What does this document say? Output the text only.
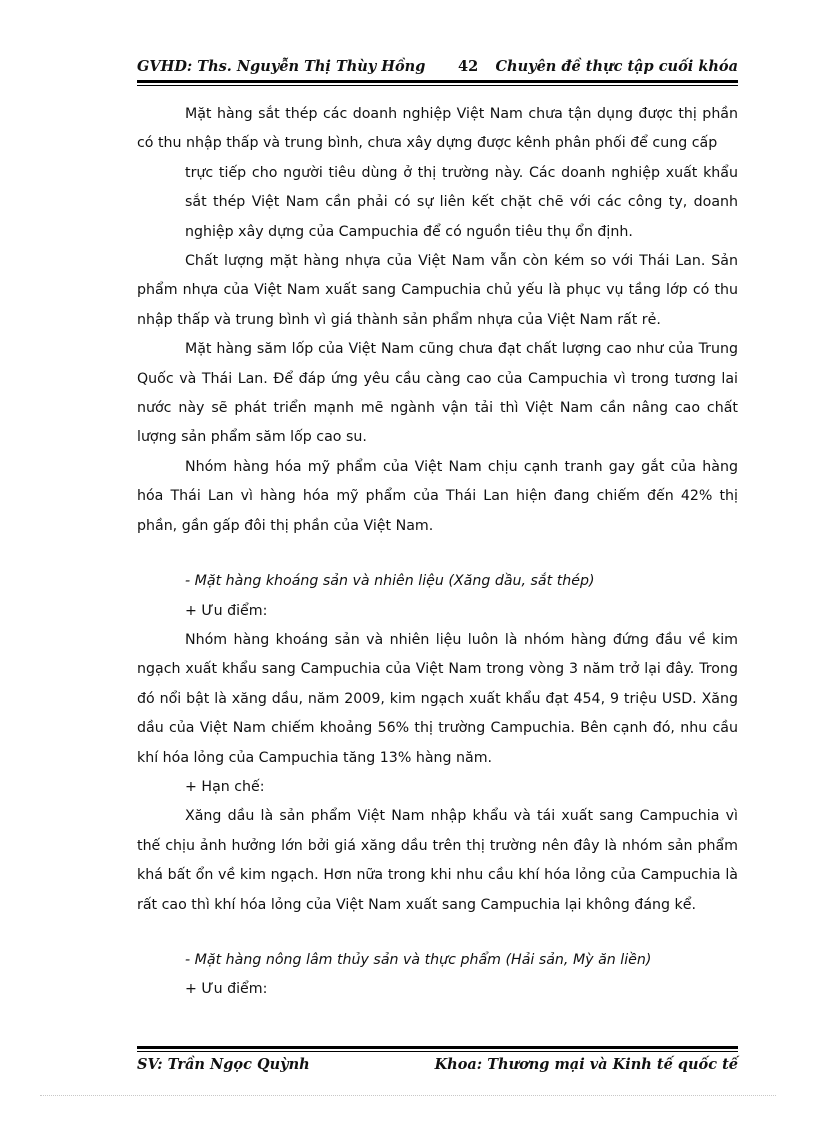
GVHD: Ths. Nguyễn Thị Thùy Hồng 42 Chuyên đề thực tập cuối khóa

Mặt hàng sắt thép các doanh nghiệp Việt Nam chưa tận dụng được thị phần có thu nhập thấp và trung bình, chưa xây dựng được kênh phân phối để cung cấp

trực tiếp cho người tiêu dùng ở thị trường này. Các doanh nghiệp xuất khẩu sắt thép Việt Nam cần phải có sự liên kết chặt chẽ với các công ty, doanh nghiệp xây dựng của Campuchia để có nguồn tiêu thụ ổn định.

Chất lượng mặt hàng nhựa của Việt Nam vẫn còn kém so với Thái Lan. Sản phẩm nhựa của Việt Nam xuất sang Campuchia chủ yếu là phục vụ tầng lớp có thu nhập thấp và trung bình vì giá thành sản phẩm nhựa của Việt Nam rất rẻ.

Mặt hàng săm lốp của Việt Nam cũng chưa đạt chất lượng cao như của Trung Quốc và Thái Lan. Để đáp ứng yêu cầu càng cao của Campuchia vì trong tương lai nước này sẽ phát triển mạnh mẽ ngành vận tải thì Việt Nam cần nâng cao chất lượng sản phẩm săm lốp cao su.

Nhóm hàng hóa mỹ phẩm của Việt Nam chịu cạnh tranh gay gắt của hàng hóa Thái Lan vì hàng hóa mỹ phẩm của Thái Lan hiện đang chiếm đến 42% thị phần, gần gấp đôi thị phần của Việt Nam.

- Mặt hàng khoáng sản và nhiên liệu (Xăng dầu, sắt thép)

+ Ưu điểm:

Nhóm hàng khoáng sản và nhiên liệu luôn là nhóm hàng đứng đầu về kim ngạch xuất khẩu sang Campuchia của Việt Nam trong vòng 3 năm trở lại đây. Trong đó nổi bật là xăng dầu, năm 2009, kim ngạch xuất khẩu đạt 454, 9 triệu USD. Xăng dầu của Việt Nam chiếm khoảng 56% thị trường Campuchia. Bên cạnh đó, nhu cầu khí hóa lỏng của Campuchia tăng 13% hàng năm.

+ Hạn chế:

Xăng dầu là sản phẩm Việt Nam nhập khẩu và tái xuất sang Campuchia vì thế chịu ảnh hưởng lớn bởi giá xăng dầu trên thị trường nên đây là nhóm sản phẩm khá bất ổn về kim ngạch. Hơn nữa trong khi nhu cầu khí hóa lỏng của Campuchia là rất cao thì khí hóa lỏng của Việt Nam xuất sang Campuchia lại không đáng kể.

- Mặt hàng nông lâm thủy sản và thực phẩm (Hải sản, Mỳ ăn liền)

+ Ưu điểm:

SV: Trần Ngọc Quỳnh	Khoa: Thương mại và Kinh tế quốc tế
